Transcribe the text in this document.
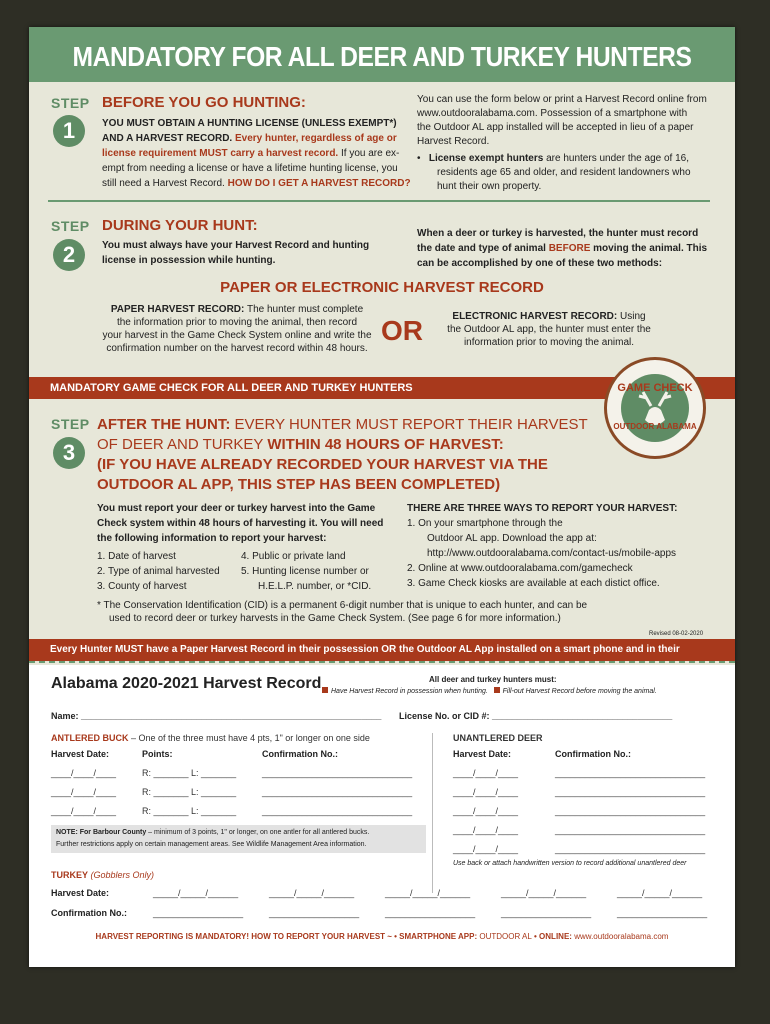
MANDATORY FOR ALL DEER AND TURKEY HUNTERS
STEP
1
BEFORE YOU GO HUNTING:
YOU MUST OBTAIN A HUNTING LICENSE (UNLESS EXEMPT*)
AND A HARVEST RECORD. Every hunter, regardless of age or
license requirement MUST carry a harvest record. If you are ex-
empt from needing a license or have a lifetime hunting license, you
still need a Harvest Record. HOW DO I GET A HARVEST RECORD?
You can use the form below or print a Harvest Record online from
www.outdooralabama.com. Possession of a smartphone with
the Outdoor AL app installed will be accepted in lieu of a paper
Harvest Record.
•   License exempt hunters are hunters under the age of 16,
residents age 65 and older, and resident landowners who
hunt their own property.
STEP
2
DURING YOUR HUNT:
You must always have your Harvest Record and hunting
license in possession while hunting.
When a deer or turkey is harvested, the hunter must record
the date and type of animal BEFORE moving the animal. This
can be accomplished by one of these two methods:
PAPER OR ELECTRONIC HARVEST RECORD
PAPER HARVEST RECORD: The hunter must complete
the information prior to moving the animal, then record
your harvest in the Game Check System online and write the
confirmation number on the harvest record within 48 hours.
OR	ELECTRONIC HARVEST RECORD: Using
the Outdoor AL app, the hunter must enter the
information prior to moving the animal.
MANDATORY GAME CHECK FOR ALL DEER AND TURKEY HUNTERS	GAME CHECK
OUTDOOR ALABAMA
STEP
3
AFTER THE HUNT: EVERY HUNTER MUST REPORT THEIR HARVEST
OF DEER AND TURKEY WITHIN 48 HOURS OF HARVEST:
(IF YOU HAVE ALREADY RECORDED YOUR HARVEST VIA THE
OUTDOOR AL APP, THIS STEP HAS BEEN COMPLETED)
You must report your deer or turkey harvest into the Game
Check system within 48 hours of harvesting it. You will need
the following information to report your harvest:
1. Date of harvest
2. Type of animal harvested
3. County of harvest
4. Public or private land
5. Hunting license number or
H.E.L.P. number, or *CID.
THERE ARE THREE WAYS TO REPORT YOUR HARVEST:
1. On your smartphone through the
Outdoor AL app. Download the app at:
http://www.outdooralabama.com/contact-us/mobile-apps
2. Online at www.outdooralabama.com/gamecheck
3. Game Check kiosks are available at each distict office.
* The Conservation Identification (CID) is a permanent 6-digit number that is unique to each hunter, and can be
used to record deer or turkey harvests in the Game Check System. (See page 6 for more information.)
Revised 08-02-2020
Every Hunter MUST have a Paper Harvest Record in their possession OR the Outdoor AL App installed on a smart phone and in their
Alabama 2020-2021 Harvest Record	All deer and turkey hunters must:
Have Harvest Record in possession when hunting. Fill-out Harvest Record before moving the animal.
Name: ____________________________________________________________ License No. or CID #: ____________________________________
ANTLERED BUCK – One of the three must have 4 pts, 1" or longer on one side
Harvest Date:	Points:	Confirmation No.:
____/____/____	R: _______ L: _______	______________________________
____/____/____	R: _______ L: _______	______________________________
____/____/____	R: _______ L: _______	______________________________
NOTE: For Barbour County – minimum of 3 points, 1" or longer, on one antler for all antlered bucks.
Further restrictions apply on certain management areas. See Wildlife Management Area information.
UNANTLERED DEER
Harvest Date:	Confirmation No.:
____/____/____	______________________________
____/____/____	______________________________
____/____/____	______________________________
____/____/____	______________________________
____/____/____	______________________________
Use back or attach handwritten version to record additional unantlered deer
TURKEY (Gobblers Only)
Harvest Date:
Confirmation No.:
_____/_____/______	_____/_____/______	_____/_____/______	_____/_____/______	_____/_____/______
__________________	__________________	__________________	__________________	__________________
HARVEST REPORTING IS MANDATORY! HOW TO REPORT YOUR HARVEST ~ • SMARTPHONE APP: OUTDOOR AL • ONLINE: www.outdooralabama.com
